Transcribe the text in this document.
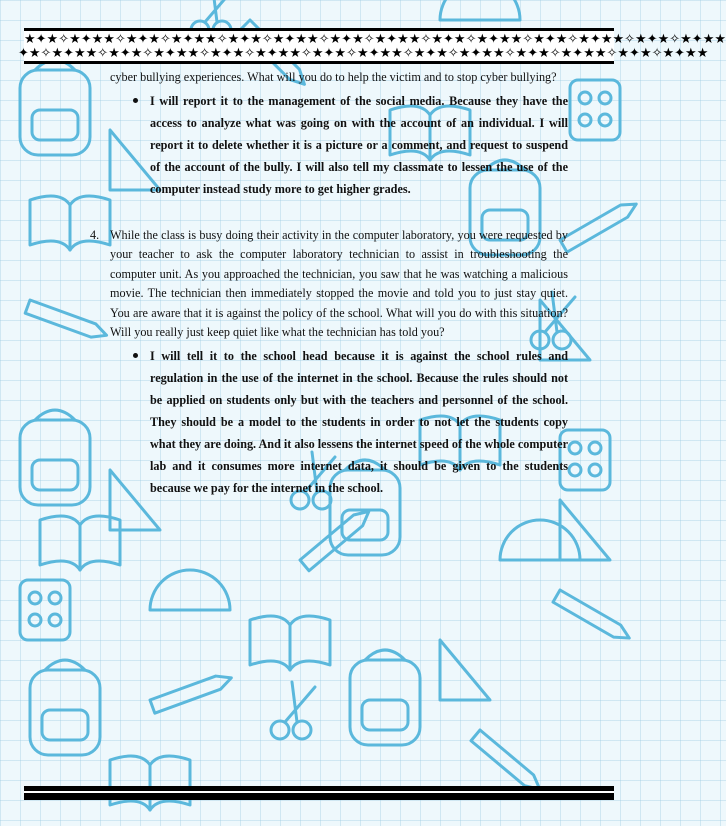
★✦★✧★✦★★✧★✦★✧★✦★★✧★✦★✧★✦★★✧★✦★✧★✦★★✧★✦★✧★✦★★✧★✦★✧★✦★★✧★✦★✧★✦★★
✦★✧★✦★★✧★✦★✧★✦★★✧★✦★✧★✦★★✧★✦★✧★✦★★✧★✦★✧★✦★★✧★✦★✧★✦★★✧★✦★✧★✦★★

cyber bullying experiences. What will you do to help the victim and to stop cyber bullying?

I will report it to the management of the social media. Because they have the access to analyze what was going on with the account of an individual. I will report it to delete whether it is a picture or a comment, and request to suspend of the account of the bully. I will also tell my classmate to lessen the use of the computer instead study more to get higher grades.
4. While the class is busy doing their activity in the computer laboratory, you were requested by your teacher to ask the computer laboratory technician to assist in troubleshooting the computer unit. As you approached the technician, you saw that he was watching a malicious movie. The technician then immediately stopped the movie and told you to just stay quiet. You are aware that it is against the policy of the school. What will you do with this situation? Will you really just keep quiet like what the technician has told you?

I will tell it to the school head because it is against the school rules and regulation in the use of the internet in the school. Because the rules should not be applied on students only but with the teachers and personnel of the school. They should be a model to the students in order to not let the students copy what they are doing. And it also lessens the internet speed of the whole computer lab and it consumes more internet data, it should be given to the students because we pay for the internet in the school.
